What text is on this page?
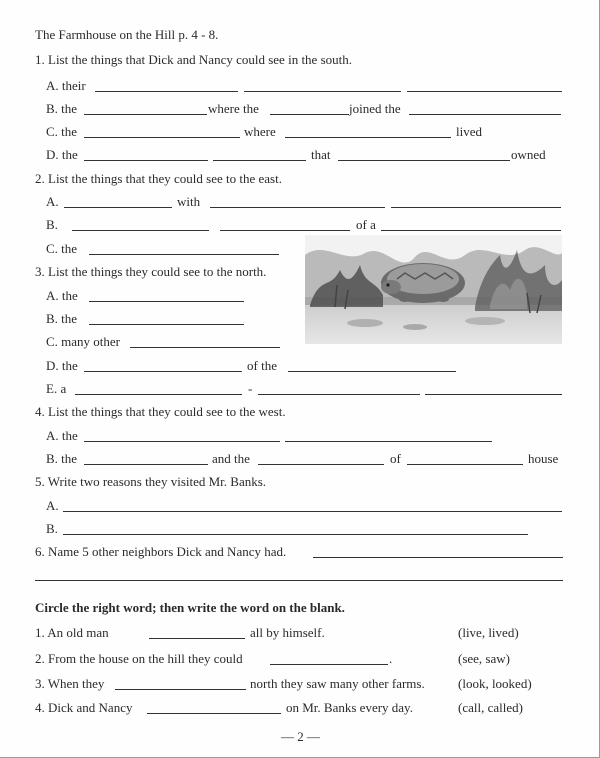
The Farmhouse on the Hill p. 4 - 8.
1. List the things that Dick and Nancy could see in the south.
A. their
B. the	where the	joined the
C. the	where	lived
D. the	that	owned
2. List the things that they could see to the east.
A.	with
B.	of a
C. the
3. List the things they could see to the north.
A. the
B. the
C. many other
D. the	of the
E. a	-
4. List the things that they could see to the west.
A. the
B. the	and the	of	house
5. Write two reasons they visited Mr. Banks.
A.
B.
6. Name 5 other neighbors Dick and Nancy had.
Circle the right word; then write the word on the blank.
1. An old man	all by himself.	(live, lived)
2. From the house on the hill they could	.	(see, saw)
3. When they	north they saw many other farms.	(look, looked)
4. Dick and Nancy	on Mr. Banks every day.	(call, called)
— 2 —
